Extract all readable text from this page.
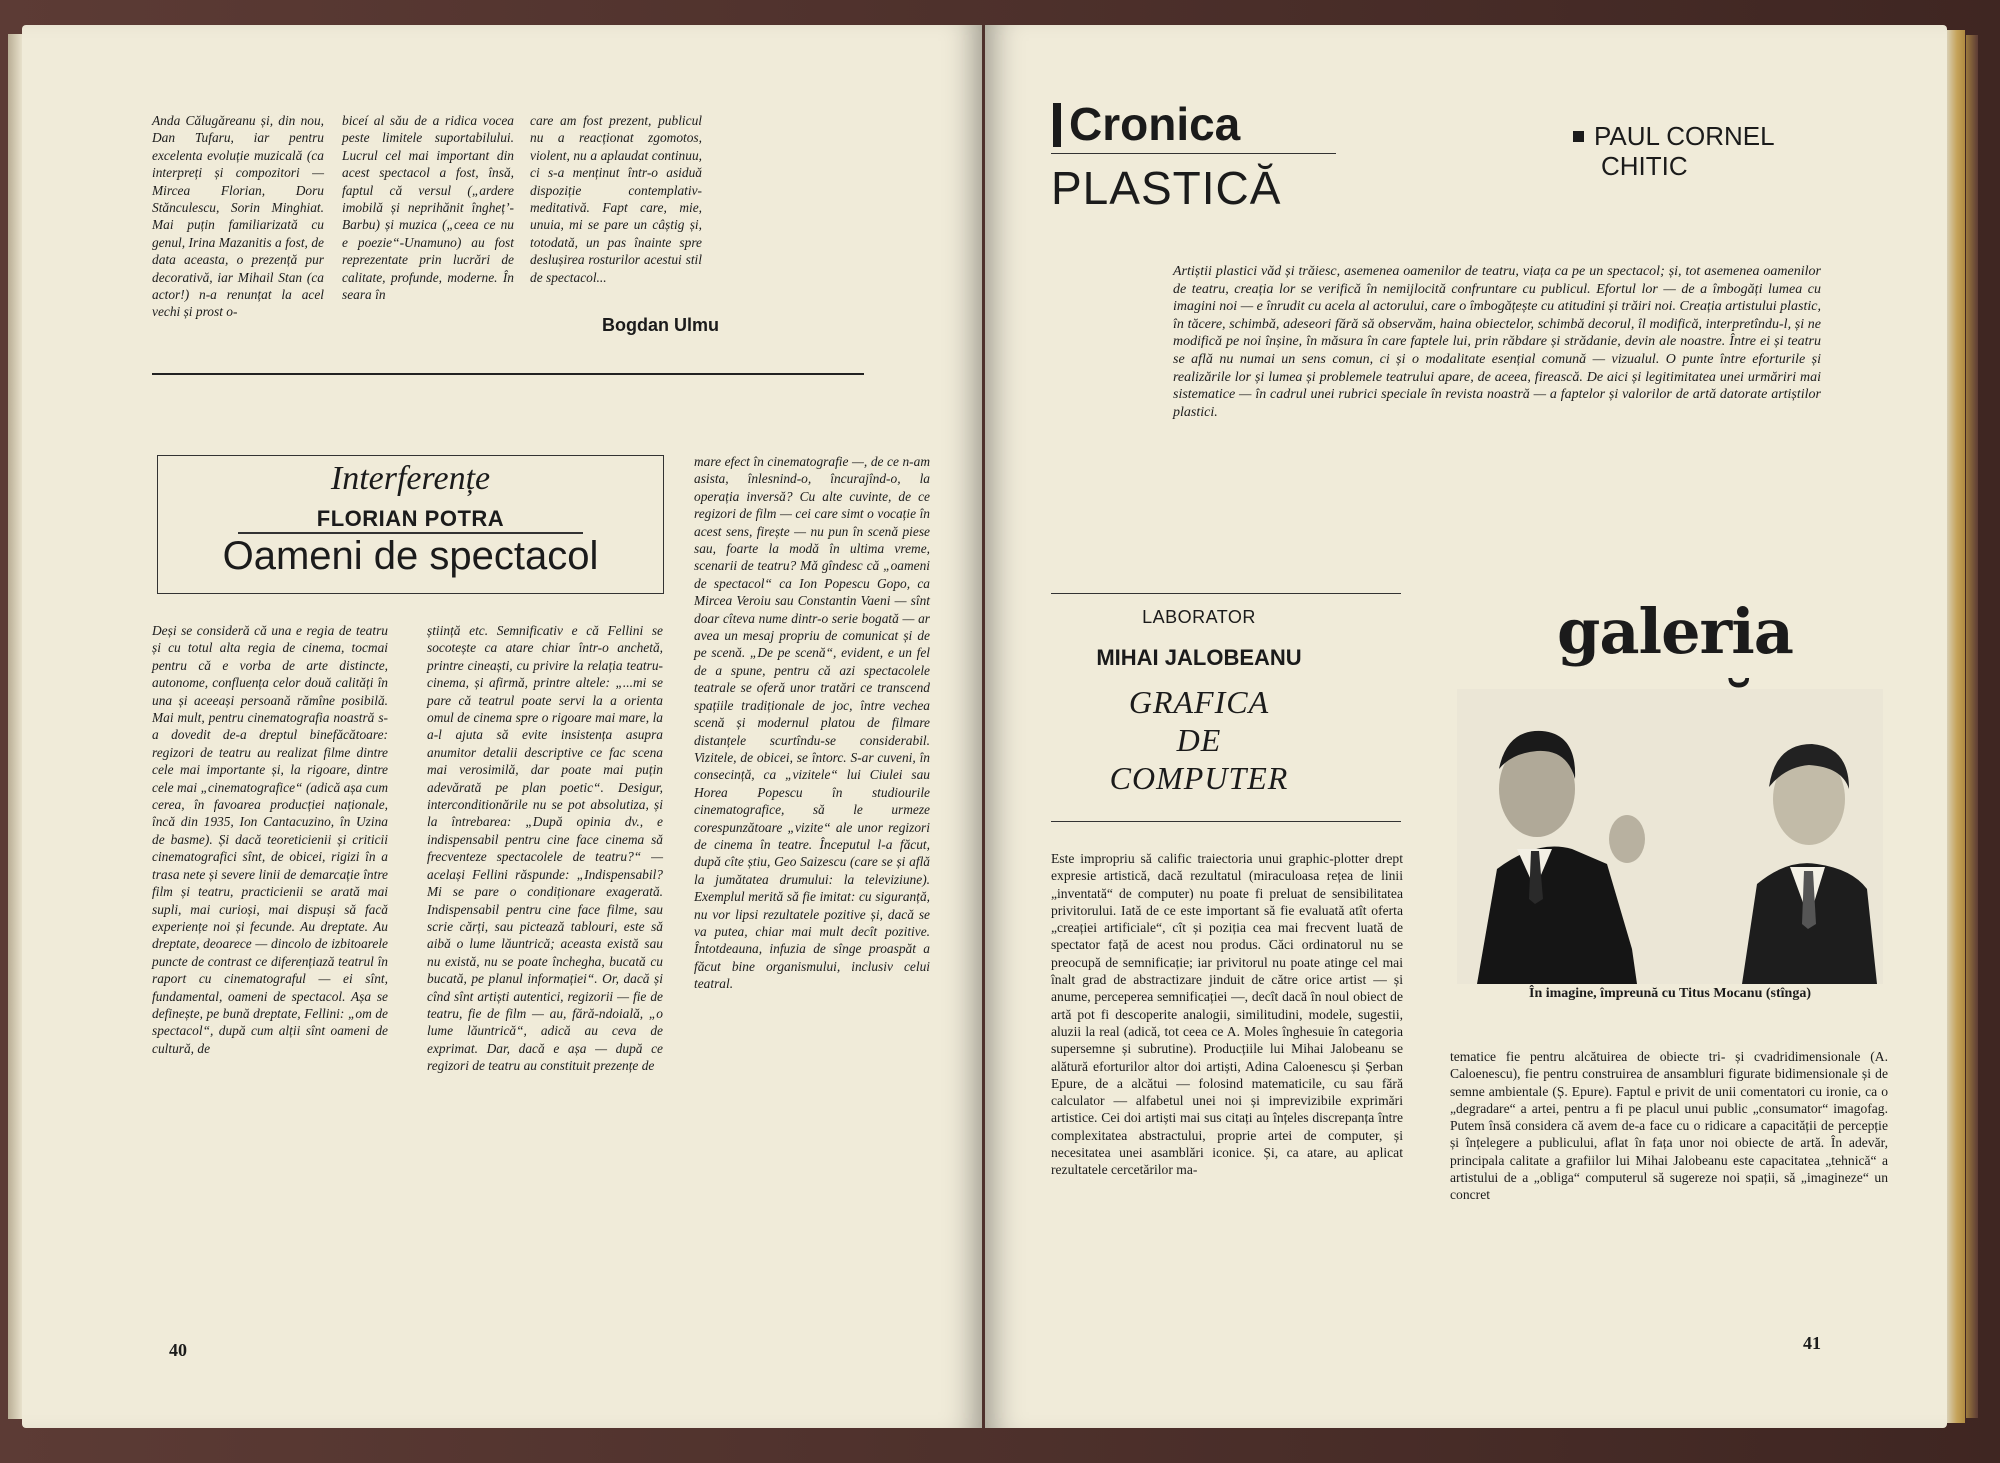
Anda Călugăreanu și, din nou, Dan Tufaru, iar pentru excelenta evoluție muzicală (ca interpreți și compozitori — Mircea Florian, Doru Stănculescu, Sorin Minghiat. Mai puțin familiarizată cu genul, Irina Mazanitis a fost, de data aceasta, o prezență pur decorativă, iar Mihail Stan (ca actor!) n-a renunțat la acel vechi și prost o-

biceí al său de a ridica vocea peste limitele suportabilului. Lucrul cel mai important din acest spectacol a fost, însă, faptul că versul („ardere imobilă și neprihănit înghețʼ-Barbu) și muzica („ceea ce nu e poezie“-Unamuno) au fost reprezentate prin lucrări de calitate, profunde, moderne. În seara în

care am fost prezent, publicul nu a reacționat zgomotos, violent, nu a aplaudat continuu, ci s-a menținut într-o asiduă dispoziție contemplativ-meditativă. Fapt care, mie, unuia, mi se pare un câștig și, totodată, un pas înainte spre deslușirea rosturilor acestui stil de spectacol...

Bogdan Ulmu
Interferențe
FLORIAN POTRA
Oameni de spectacol

Deși se consideră că una e regia de teatru și cu totul alta regia de cinema, tocmai pentru că e vorba de arte distincte, autonome, confluența celor două calități în una și aceeași persoană rămîne posibilă. Mai mult, pentru cinematografia noastră s-a dovedit de-a dreptul binefăcătoare: regizori de teatru au realizat filme dintre cele mai importante și, la rigoare, dintre cele mai „cinematografice“ (adică așa cum cerea, în favoarea producției naționale, încă din 1935, Ion Cantacuzino, în Uzina de basme). Și dacă teoreticienii și criticii cinematografici sînt, de obicei, rigizi în a trasa nete și severe linii de demarcație între film și teatru, practicienii se arată mai supli, mai curioși, mai dispuși să facă experiențe noi și fecunde. Au dreptate. Au dreptate, deoarece — dincolo de izbitoarele puncte de contrast ce diferențiază teatrul în raport cu cinematograful — ei sînt, fundamental, oameni de spectacol. Așa se definește, pe bună dreptate, Fellini: „om de spectacol“, după cum alții sînt oameni de cultură, de

știință etc. Semnificativ e că Fellini se socotește ca atare chiar într-o anchetă, printre cineaști, cu privire la relația teatru-cinema, și afirmă, printre altele: „...mi se pare că teatrul poate servi la a orienta omul de cinema spre o rigoare mai mare, la a-l ajuta să evite insistența asupra anumitor detalii descriptive ce fac scena mai verosimilă, dar poate mai puțin adevărată pe plan poetic“. Desigur, interconditionările nu se pot absolutiza, și la întrebarea: „După opinia dv., e indispensabil pentru cine face cinema să frecventeze spectacolele de teatru?“ — același Fellini răspunde: „Indispensabil? Mi se pare o condiționare exagerată. Indispensabil pentru cine face filme, sau scrie cărți, sau pictează tablouri, este să aibă o lume lăuntrică; aceasta există sau nu există, nu se poate închegha, bucată cu bucată, pe planul informației“. Or, dacă și cînd sînt artiști autentici, regizorii — fie de teatru, fie de film — au, fără-ndoială, „o lume lăuntrică“, adică au ceva de exprimat. Dar, dacă e așa — după ce regizori de teatru au constituit prezențe de

mare efect în cinematografie —, de ce n-am asista, înlesnind-o, încurajînd-o, la operația inversă? Cu alte cuvinte, de ce regizori de film — cei care simt o vocație în acest sens, firește — nu pun în scenă piese sau, foarte la modă în ultima vreme, scenarii de teatru? Mă gîndesc că „oameni de spectacol“ ca Ion Popescu Gopo, ca Mircea Veroiu sau Constantin Vaeni — sînt doar cîteva nume dintr-o serie bogată — ar avea un mesaj propriu de comunicat și de pe scenă. „De pe scenă“, evident, e un fel de a spune, pentru că azi spectacolele teatrale se oferă unor tratări ce transcend spațiile tradiționale de joc, între vechea scenă și modernul platou de filmare distanțele scurtîndu-se considerabil. Vizitele, de obicei, se întorc. S-ar cuveni, în consecință, ca „vizitele“ lui Ciulei sau Horea Popescu în studiourile cinematografice, să le urmeze corespunzătoare „vizite“ ale unor regizori de cinema în teatre. Începutul l-a făcut, după cîte știu, Geo Saizescu (care se și află la jumătatea drumului: la televiziune). Exemplul merită să fie imitat: cu siguranță, nu vor lipsi rezultatele pozitive și, dacă se va putea, chiar mai mult decît pozitive. Întotdeauna, infuzia de sînge proaspăt a făcut bine organismului, inclusiv celui teatral.

40
Cronica
PLASTICĂ
PAUL CORNEL
CHITIC

Artiștii plastici văd și trăiesc, asemenea oamenilor de teatru, viața ca pe un spectacol; și, tot asemenea oamenilor de teatru, creația lor se verifică în nemijlocită confruntare cu publicul. Efortul lor — de a îmbogăți lumea cu imagini noi — e înrudit cu acela al actorului, care o îmbogățește cu atitudini și trăiri noi. Creația artistului plastic, în tăcere, schimbă, adeseori fără să observăm, haina obiectelor, schimbă decorul, îl modifică, interpretîndu-l, și ne modifică pe noi înșine, în măsura în care faptele lui, prin răbdare și strădanie, devin ale noastre. Între ei și teatru se află nu numai un sens comun, ci și o modalitate esențial comună — vizualul. O punte între eforturile și realizările lor și lumea și problemele teatrului apare, de aceea, firească. De aici și legitimitatea unei urmăriri mai sistematice — în cadrul unei rubrici speciale în revista noastră — a faptelor și valorilor de artă datorate artiștilor plastici.

LABORATOR
MIHAI JALOBEANU
GRAFICA
DE
COMPUTER

Este impropriu să calific traiectoria unui graphic-plotter drept expresie artistică, dacă rezultatul (miraculoasa rețea de linii „inventată“ de computer) nu poate fi preluat de sensibilitatea privitorului. Iată de ce este important să fie evaluată atît oferta „creației artificiale“, cît și poziția cea mai frecvent luată de spectator față de acest nou produs. Căci ordinatorul nu se preocupă de semnificație; iar privitorul nu poate atinge cel mai înalt grad de abstractizare jinduit de către orice artist — și anume, perceperea semnificației —, decît dacă în noul obiect de artă pot fi descoperite analogii, similitudini, modele, sugestii, aluzii la real (adică, tot ceea ce A. Moles înghesuie în categoria supersemne și subrutine). Producțiile lui Mihai Jalobeanu se alătură eforturilor altor doi artiști, Adina Caloenescu și Șerban Epure, de a alcătui — folosind matematicile, cu sau fără calculator — alfabetul unei noi și imprevizibile exprimări artistice. Cei doi artiști mai sus citați au înțeles discrepanța între complexitatea abstractului, proprie artei de computer, și necesitatea unei asamblări iconice. Și, ca atare, au aplicat rezultatele cercetărilor ma-

galeria
În imagine, împreună cu Titus Mocanu (stînga)

tematice fie pentru alcătuirea de obiecte tri- și cvadridimensionale (A. Caloenescu), fie pentru construirea de ansambluri figurate bidimensionale și de semne ambientale (Ș. Epure). Faptul e privit de unii comentatori cu ironie, ca o „degradare“ a artei, pentru a fi pe placul unui public „consumator“ imagofag. Putem însă considera că avem de-a face cu o ridicare a capacității de percepție și înțelegere a publicului, aflat în fața unor noi obiecte de artă. În adevăr, principala calitate a grafiilor lui Mihai Jalobeanu este capacitatea „tehnică“ a artistului de a „obliga“ computerul să sugereze noi spații, să „imagineze“ un concret

41
